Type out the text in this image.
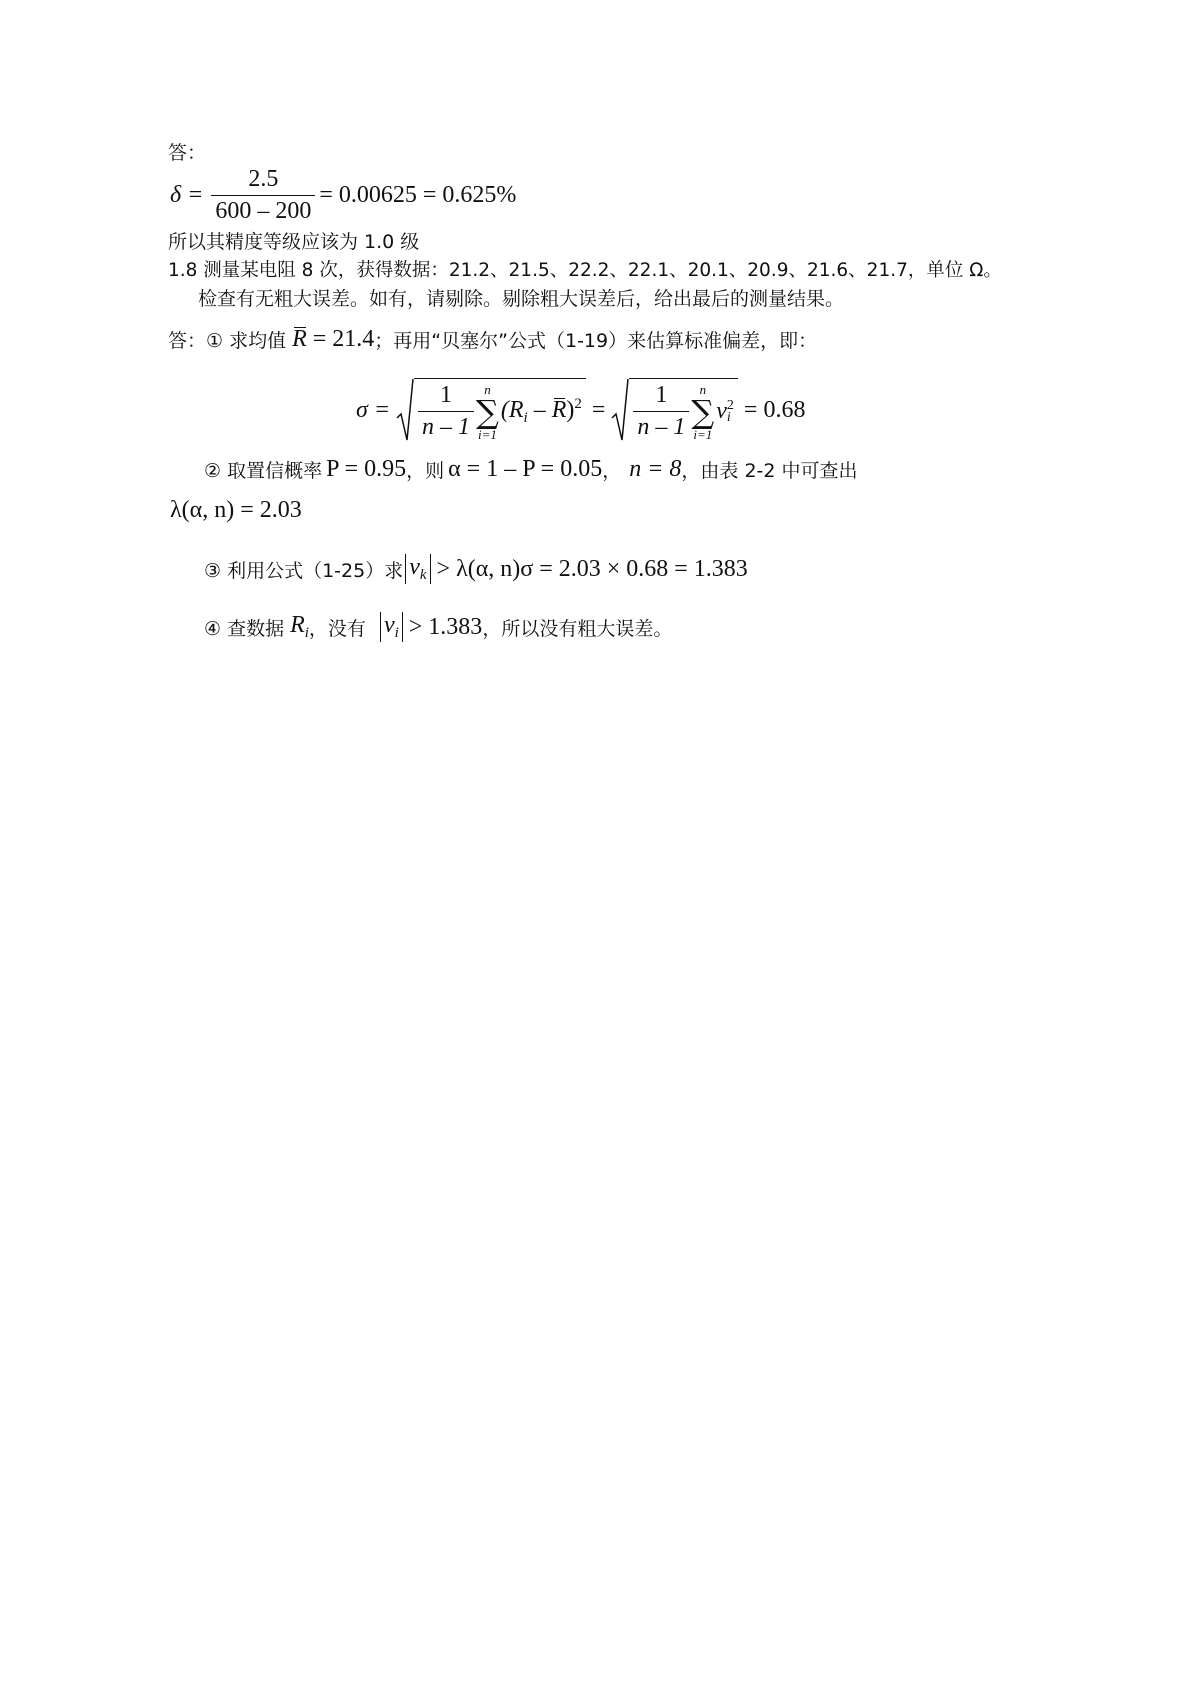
答：
$\delta = \frac{2.5}{600 - 200} = 0.00625 = 0.625\%$
所以其精度等级应该为 1.0 级
1.8 测量某电阻 8 次，获得数据：21.2、21.5、22.2、22.1、20.1、20.9、21.6、21.7，单位 Ω。
检查有无粗大误差。如有，请剔除。剔除粗大误差后，给出最后的测量结果。
答：① 求均值 R = 21.4 ；再用“贝塞尔”公式（1-19）来估算标准偏差，即：
$\sigma = \frac{1}{n - 1}$ n
∑
i=1
$(R_i - R)^2 = \frac{1}{n - 1}$ n
∑
i=1
v 2
i = 0.68
② 取置信概率 P = 0.95 ，则 α = 1 – P = 0.05 ， n = 8 ，由表 2-2 中可查出
λ(α, n) = 2.03
③ 利用公式（1-25）求 $v_k > \lambda(\alpha$, n)σ = 2.03 × 0.68 = 1.383
④ 查数据 $R_i$ ，没有 $v_i > 1.383$ ，所以没有粗大误差。
